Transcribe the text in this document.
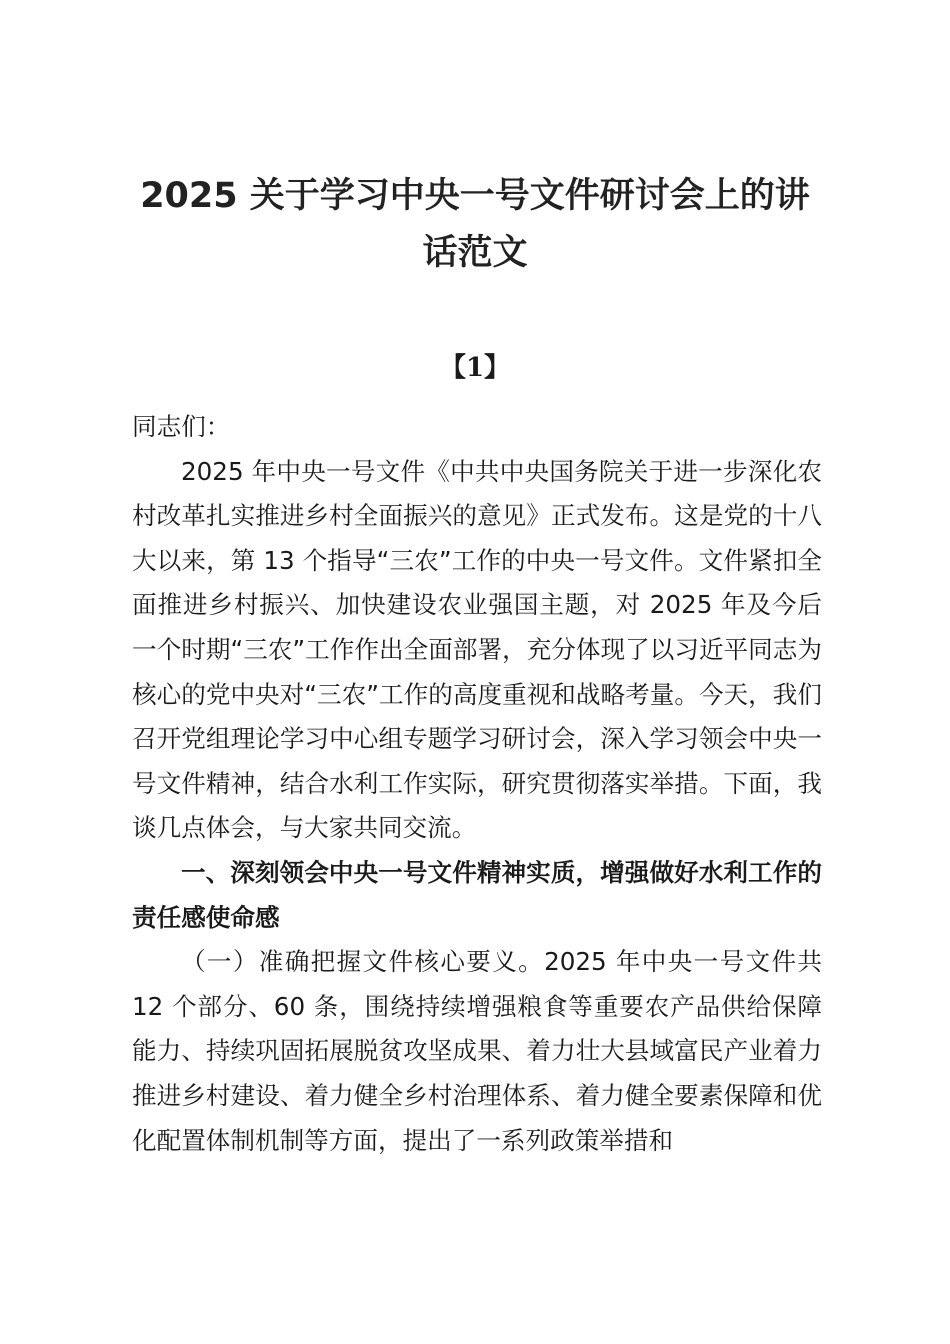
2025 关于学习中央一号文件研讨会上的讲
话范文
【1】

同志们：

2025 年中央一号文件《中共中央国务院关于进一步深化农村改革扎实推进乡村全面振兴的意见》正式发布。这是党的十八大以来，第 13 个指导“三农”工作的中央一号文件。文件紧扣全面推进乡村振兴、加快建设农业强国主题，对 2025 年及今后一个时期“三农”工作作出全面部署，充分体现了以习近平同志为核心的党中央对“三农”工作的高度重视和战略考量。今天，我们召开党组理论学习中心组专题学习研讨会，深入学习领会中央一号文件精神，结合水利工作实际，研究贯彻落实举措。下面，我谈几点体会，与大家共同交流。

一、深刻领会中央一号文件精神实质，增强做好水利工作的责任感使命感

（一）准确把握文件核心要义。2025 年中央一号文件共 12 个部分、60 条，围绕持续增强粮食等重要农产品供给保障能力、持续巩固拓展脱贫攻坚成果、着力壮大县域富民产业着力推进乡村建设、着力健全乡村治理体系、着力健全要素保障和优化配置体制机制等方面，提出了一系列政策举措和
